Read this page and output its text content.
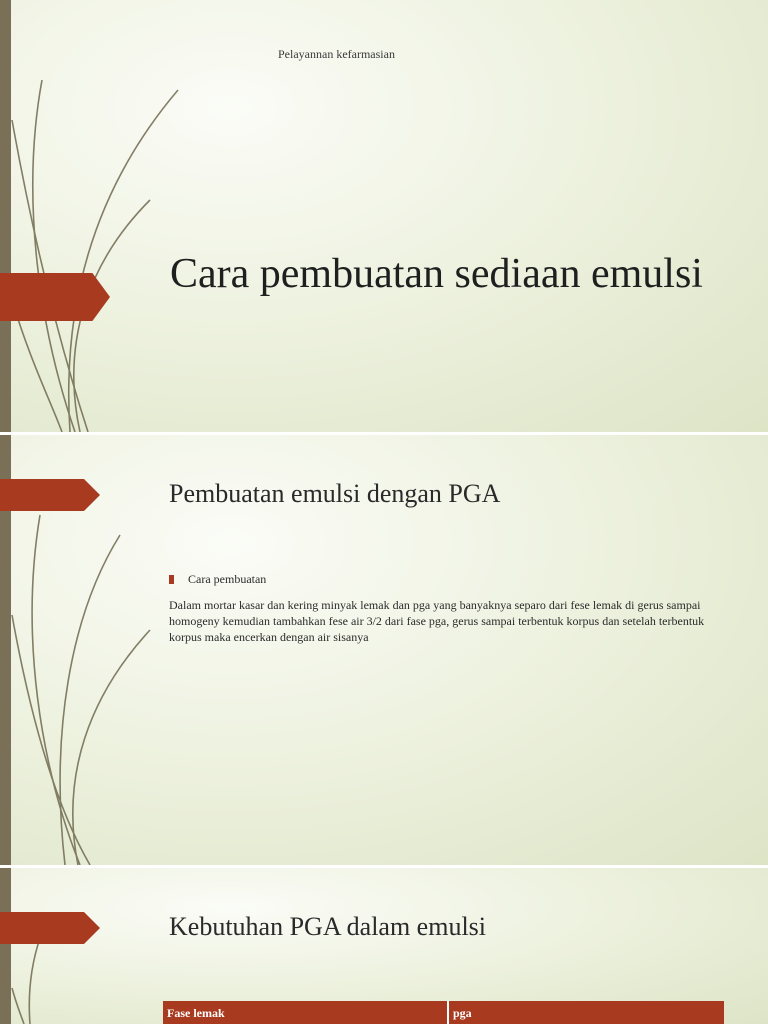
Pelayannan kefarmasian
Cara pembuatan sediaan emulsi
Pembuatan emulsi dengan PGA
Cara pembuatan
Dalam mortar kasar dan kering minyak lemak dan pga yang banyaknya separo dari fese lemak di gerus sampai homogeny kemudian tambahkan fese air 3/2 dari fase pga, gerus sampai terbentuk korpus dan setelah terbentuk korpus maka encerkan dengan air sisanya
Kebutuhan PGA dalam emulsi
Fase lemak	pga
